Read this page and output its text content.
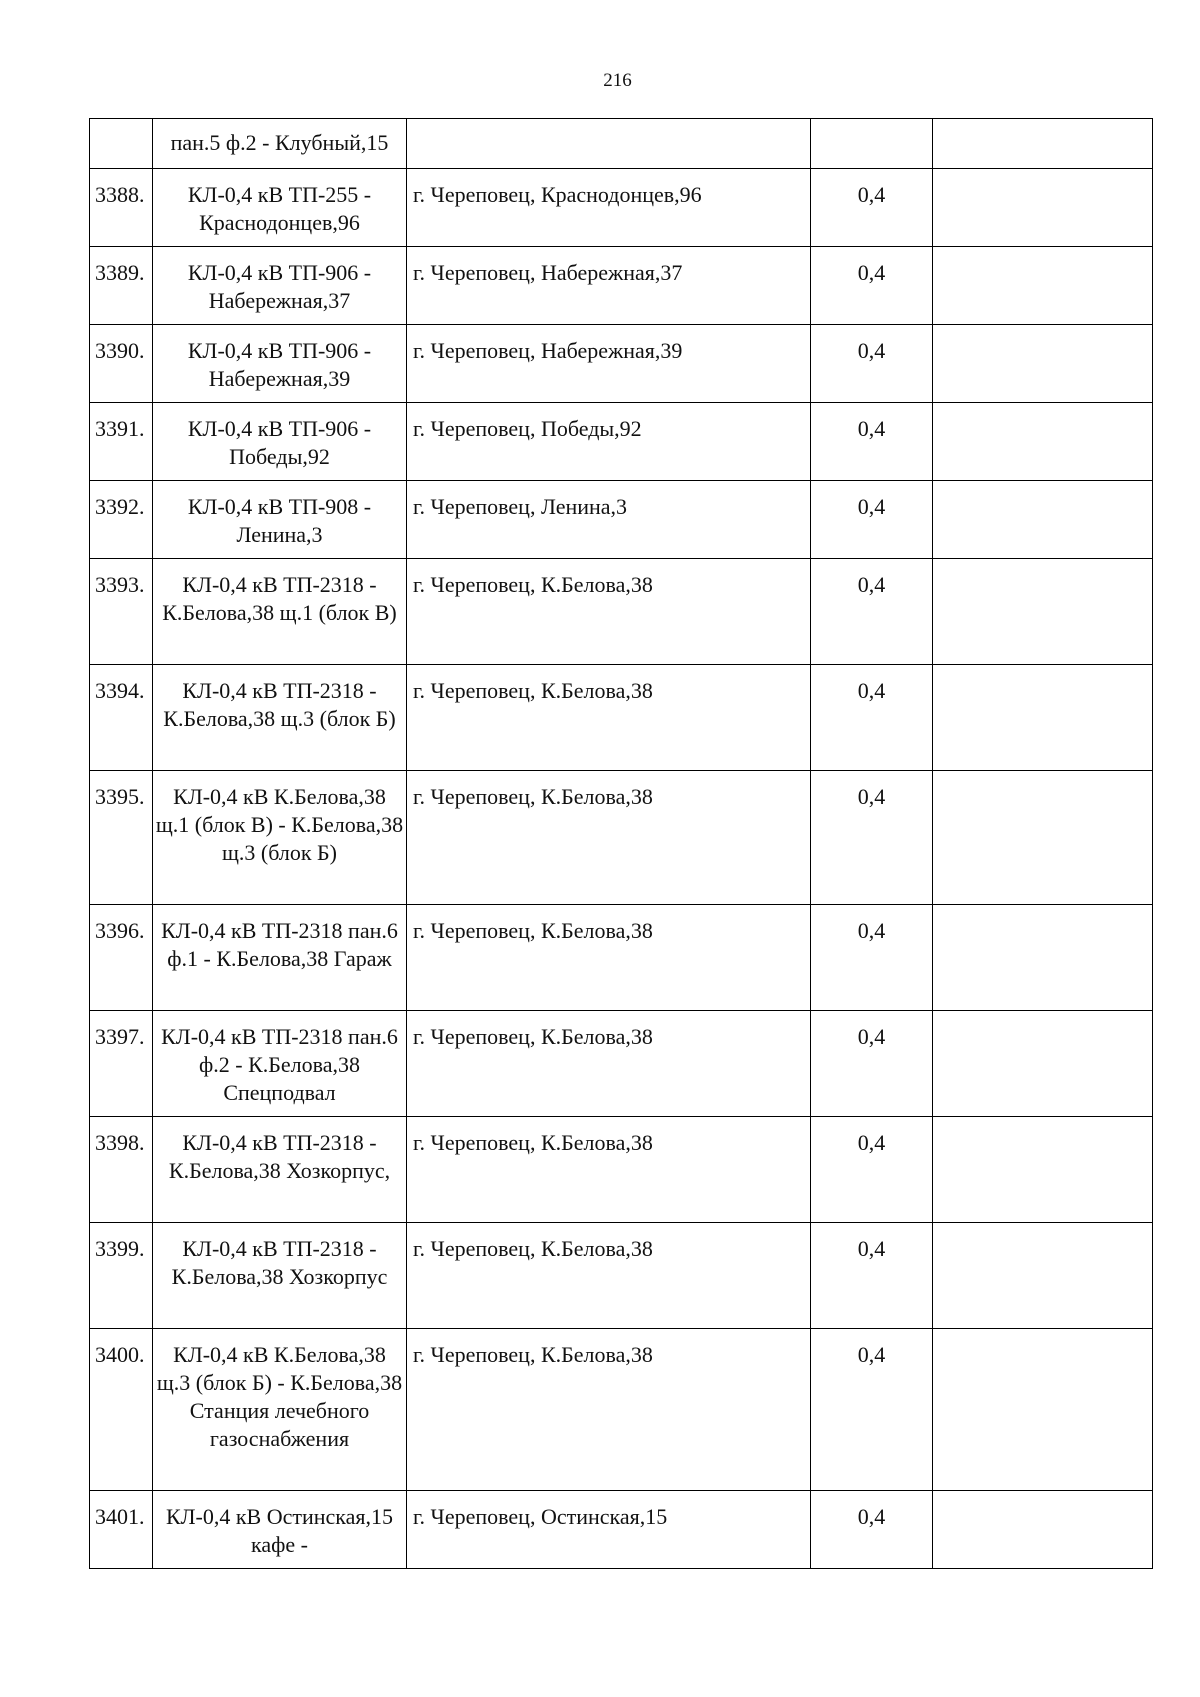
216
	пан.5 ф.2 - Клубный,15			
3388.	КЛ-0,4 кВ ТП-255 - Краснодонцев,96	г. Череповец, Краснодонцев,96	0,4	
3389.	КЛ-0,4 кВ ТП-906 - Набережная,37	г. Череповец, Набережная,37	0,4	
3390.	КЛ-0,4 кВ ТП-906 - Набережная,39	г. Череповец, Набережная,39	0,4	
3391.	КЛ-0,4 кВ ТП-906 - Победы,92	г. Череповец, Победы,92	0,4	
3392.	КЛ-0,4 кВ ТП-908 - Ленина,3	г. Череповец, Ленина,3	0,4	
3393.	КЛ-0,4 кВ ТП-2318 - К.Белова,38 щ.1 (блок В)	г. Череповец, К.Белова,38	0,4	
3394.	КЛ-0,4 кВ ТП-2318 - К.Белова,38 щ.3 (блок Б)	г. Череповец, К.Белова,38	0,4	
3395.	КЛ-0,4 кВ К.Белова,38 щ.1 (блок В) - К.Белова,38 щ.3 (блок Б)	г. Череповец, К.Белова,38	0,4	
3396.	КЛ-0,4 кВ ТП-2318 пан.6 ф.1 - К.Белова,38 Гараж	г. Череповец, К.Белова,38	0,4	
3397.	КЛ-0,4 кВ ТП-2318 пан.6 ф.2 - К.Белова,38 Спецподвал	г. Череповец, К.Белова,38	0,4	
3398.	КЛ-0,4 кВ ТП-2318 - К.Белова,38 Хозкорпус,	г. Череповец, К.Белова,38	0,4	
3399.	КЛ-0,4 кВ ТП-2318 - К.Белова,38 Хозкорпус	г. Череповец, К.Белова,38	0,4	
3400.	КЛ-0,4 кВ К.Белова,38 щ.3 (блок Б) - К.Белова,38 Станция лечебного газоснабжения	г. Череповец, К.Белова,38	0,4	
3401.	КЛ-0,4 кВ Остинская,15 кафе -	г. Череповец, Остинская,15	0,4	
